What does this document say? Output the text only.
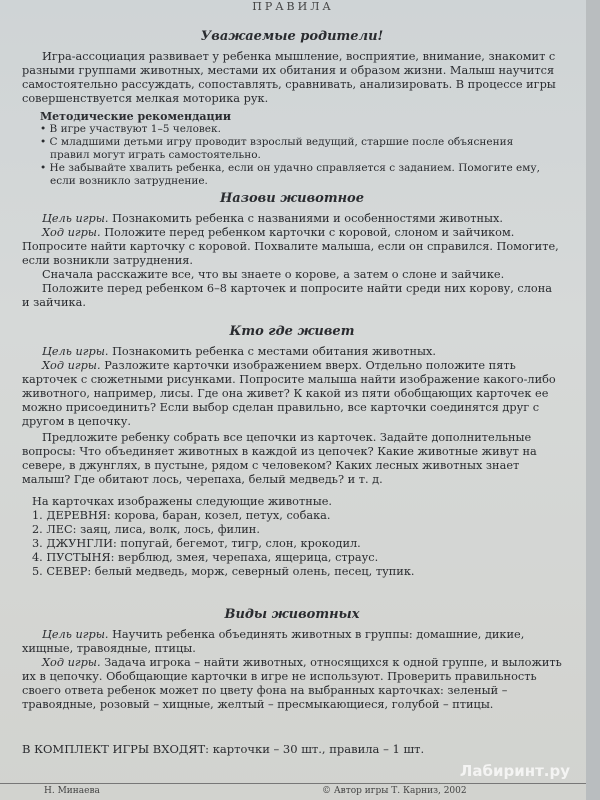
ПРАВИЛА

Уважаемые родители!

Игра-ассоциация развивает у ребенка мышление, восприятие, внимание, знакомит с разными группами животных, местами их обитания и образом жизни. Малыш научится самостоятельно рассуждать, сопоставлять, сравнивать, анализировать. В процессе игры совершенствуется мелкая моторика рук.

Методические рекомендации

• В игре участвуют 1–5 человек.

• С младшими детьми игру проводит взрослый ведущий, старшие после объяснения правил могут играть самостоятельно.

• Не забывайте хвалить ребенка, если он удачно справляется с заданием. Помогите ему, если возникло затруднение.

Назови животное

Цель игры. Познакомить ребенка с названиями и особенностями животных.

Ход игры. Положите перед ребенком карточки с коровой, слоном и зайчиком. Попросите найти карточку с коровой. Похвалите малыша, если он справился. Помогите, если возникли затруднения.

Сначала расскажите все, что вы знаете о корове, а затем о слоне и зайчике.

Положите перед ребенком 6–8 карточек и попросите найти среди них корову, слона и зайчика.

Кто где живет

Цель игры. Познакомить ребенка с местами обитания животных.

Ход игры. Разложите карточки изображением вверх. Отдельно положите пять карточек с сюжетными рисунками. Попросите малыша найти изображение какого-либо животного, например, лисы. Где она живет? К какой из пяти обобщающих карточек ее можно присоединить? Если выбор сделан правильно, все карточки соединятся друг с другом в цепочку.

Предложите ребенку собрать все цепочки из карточек. Задайте дополнительные вопросы: Что объединяет животных в каждой из цепочек? Какие животные живут на севере, в джунглях, в пустыне, рядом с человеком? Каких лесных животных знает малыш? Где обитают лось, черепаха, белый медведь? и т. д.

На карточках изображены следующие животные.

1. ДЕРЕВНЯ: корова, баран, козел, петух, собака.

2. ЛЕС: заяц, лиса, волк, лось, филин.

3. ДЖУНГЛИ: попугай, бегемот, тигр, слон, крокодил.

4. ПУСТЫНЯ: верблюд, змея, черепаха, ящерица, страус.

5. СЕВЕР: белый медведь, морж, северный олень, песец, тупик.

Виды животных

Цель игры. Научить ребенка объединять животных в группы: домашние, дикие, хищные, травоядные, птицы.

Ход игры. Задача игрока – найти животных, относящихся к одной группе, и выложить их в цепочку. Обобщающие карточки в игре не используют. Проверить правильность своего ответа ребенок может по цвету фона на выбранных карточках: зеленый – травоядные, розовый – хищные, желтый – пресмыкающиеся, голубой – птицы.

В КОМПЛЕКТ ИГРЫ ВХОДЯТ: карточки – 30 шт., правила – 1 шт.

Лабиринт.ру
Н. Минаева	© Автор игры Т. Карниз, 2002
